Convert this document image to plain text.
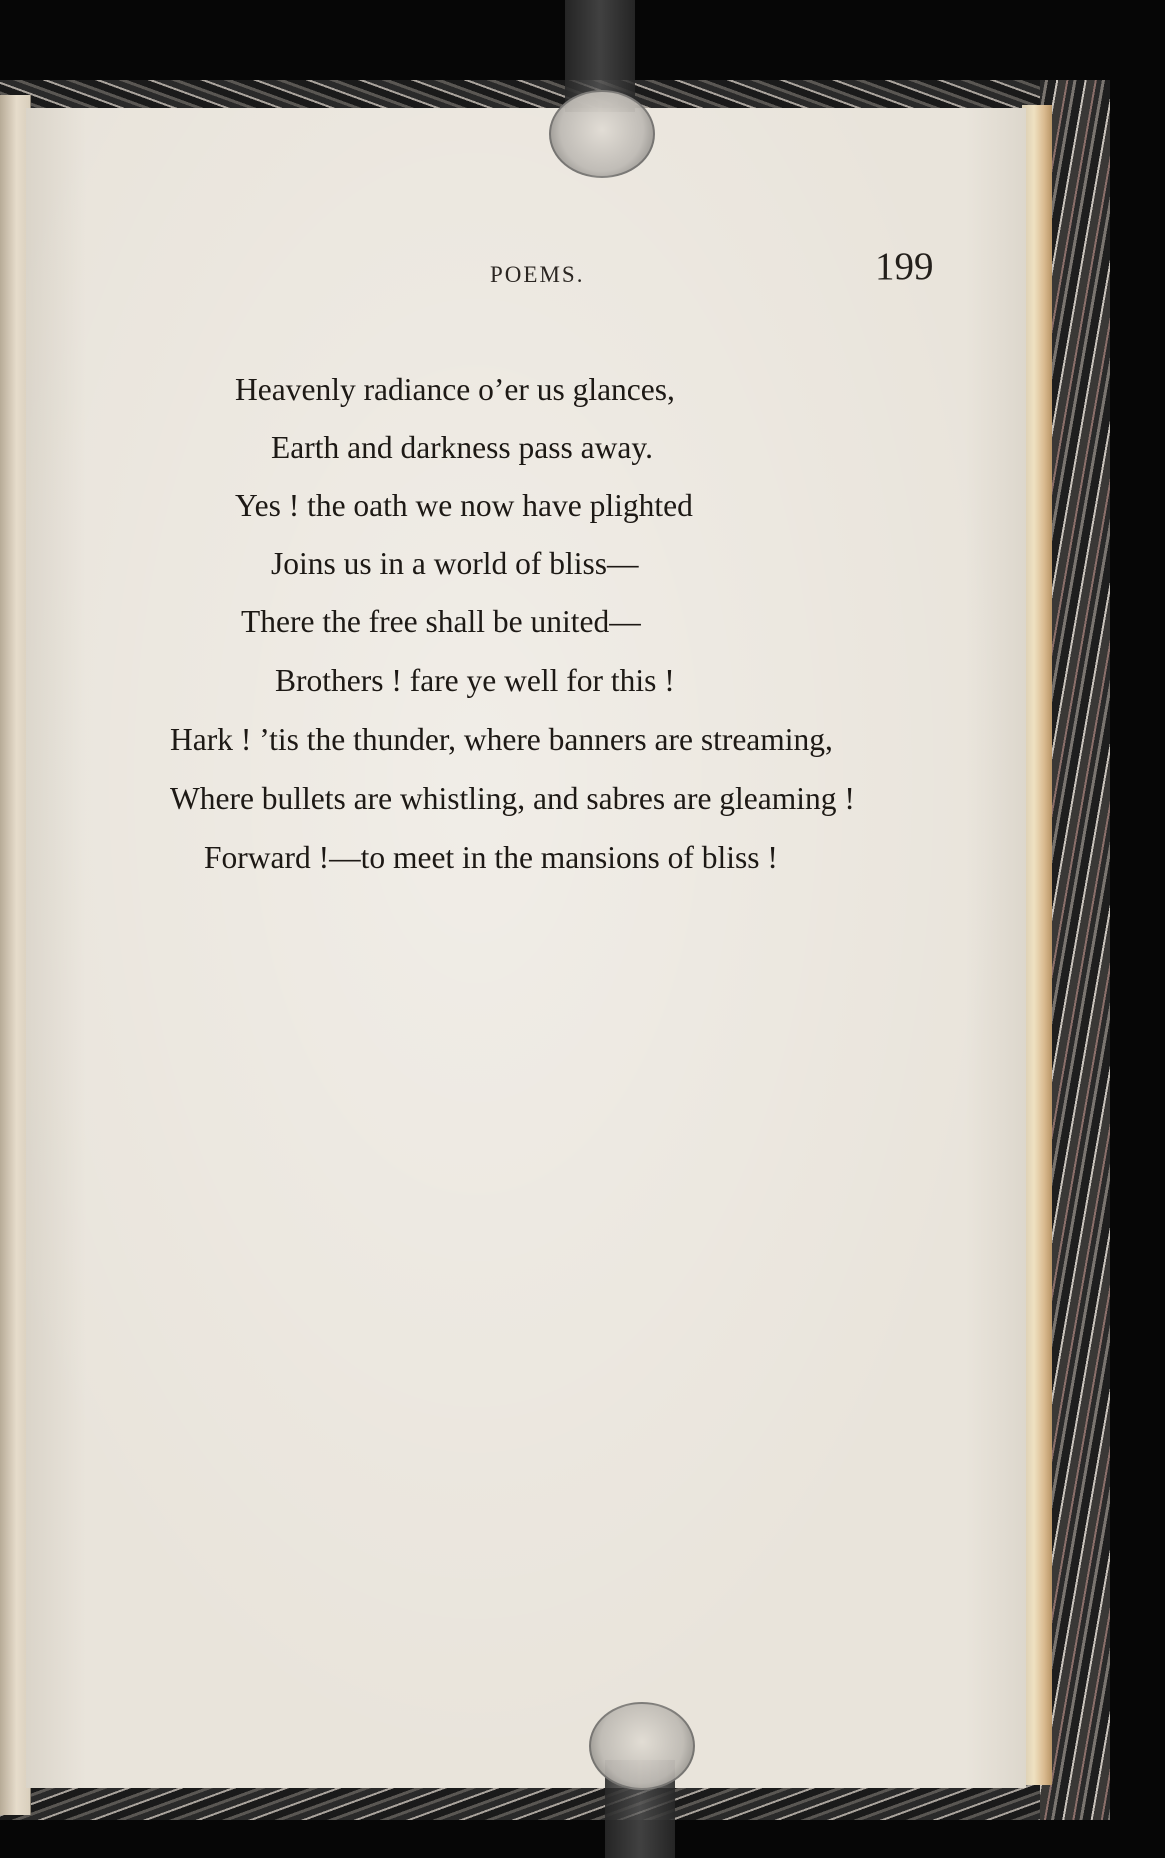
POEMS.	199
Heavenly radiance o’er us glances,
Earth and darkness pass away.
Yes ! the oath we now have plighted
Joins us in a world of bliss—
There the free shall be united—
Brothers ! fare ye well for this !
Hark ! ’tis the thunder, where banners are streaming,
Where bullets are whistling, and sabres are gleaming !
Forward !—to meet in the mansions of bliss !
